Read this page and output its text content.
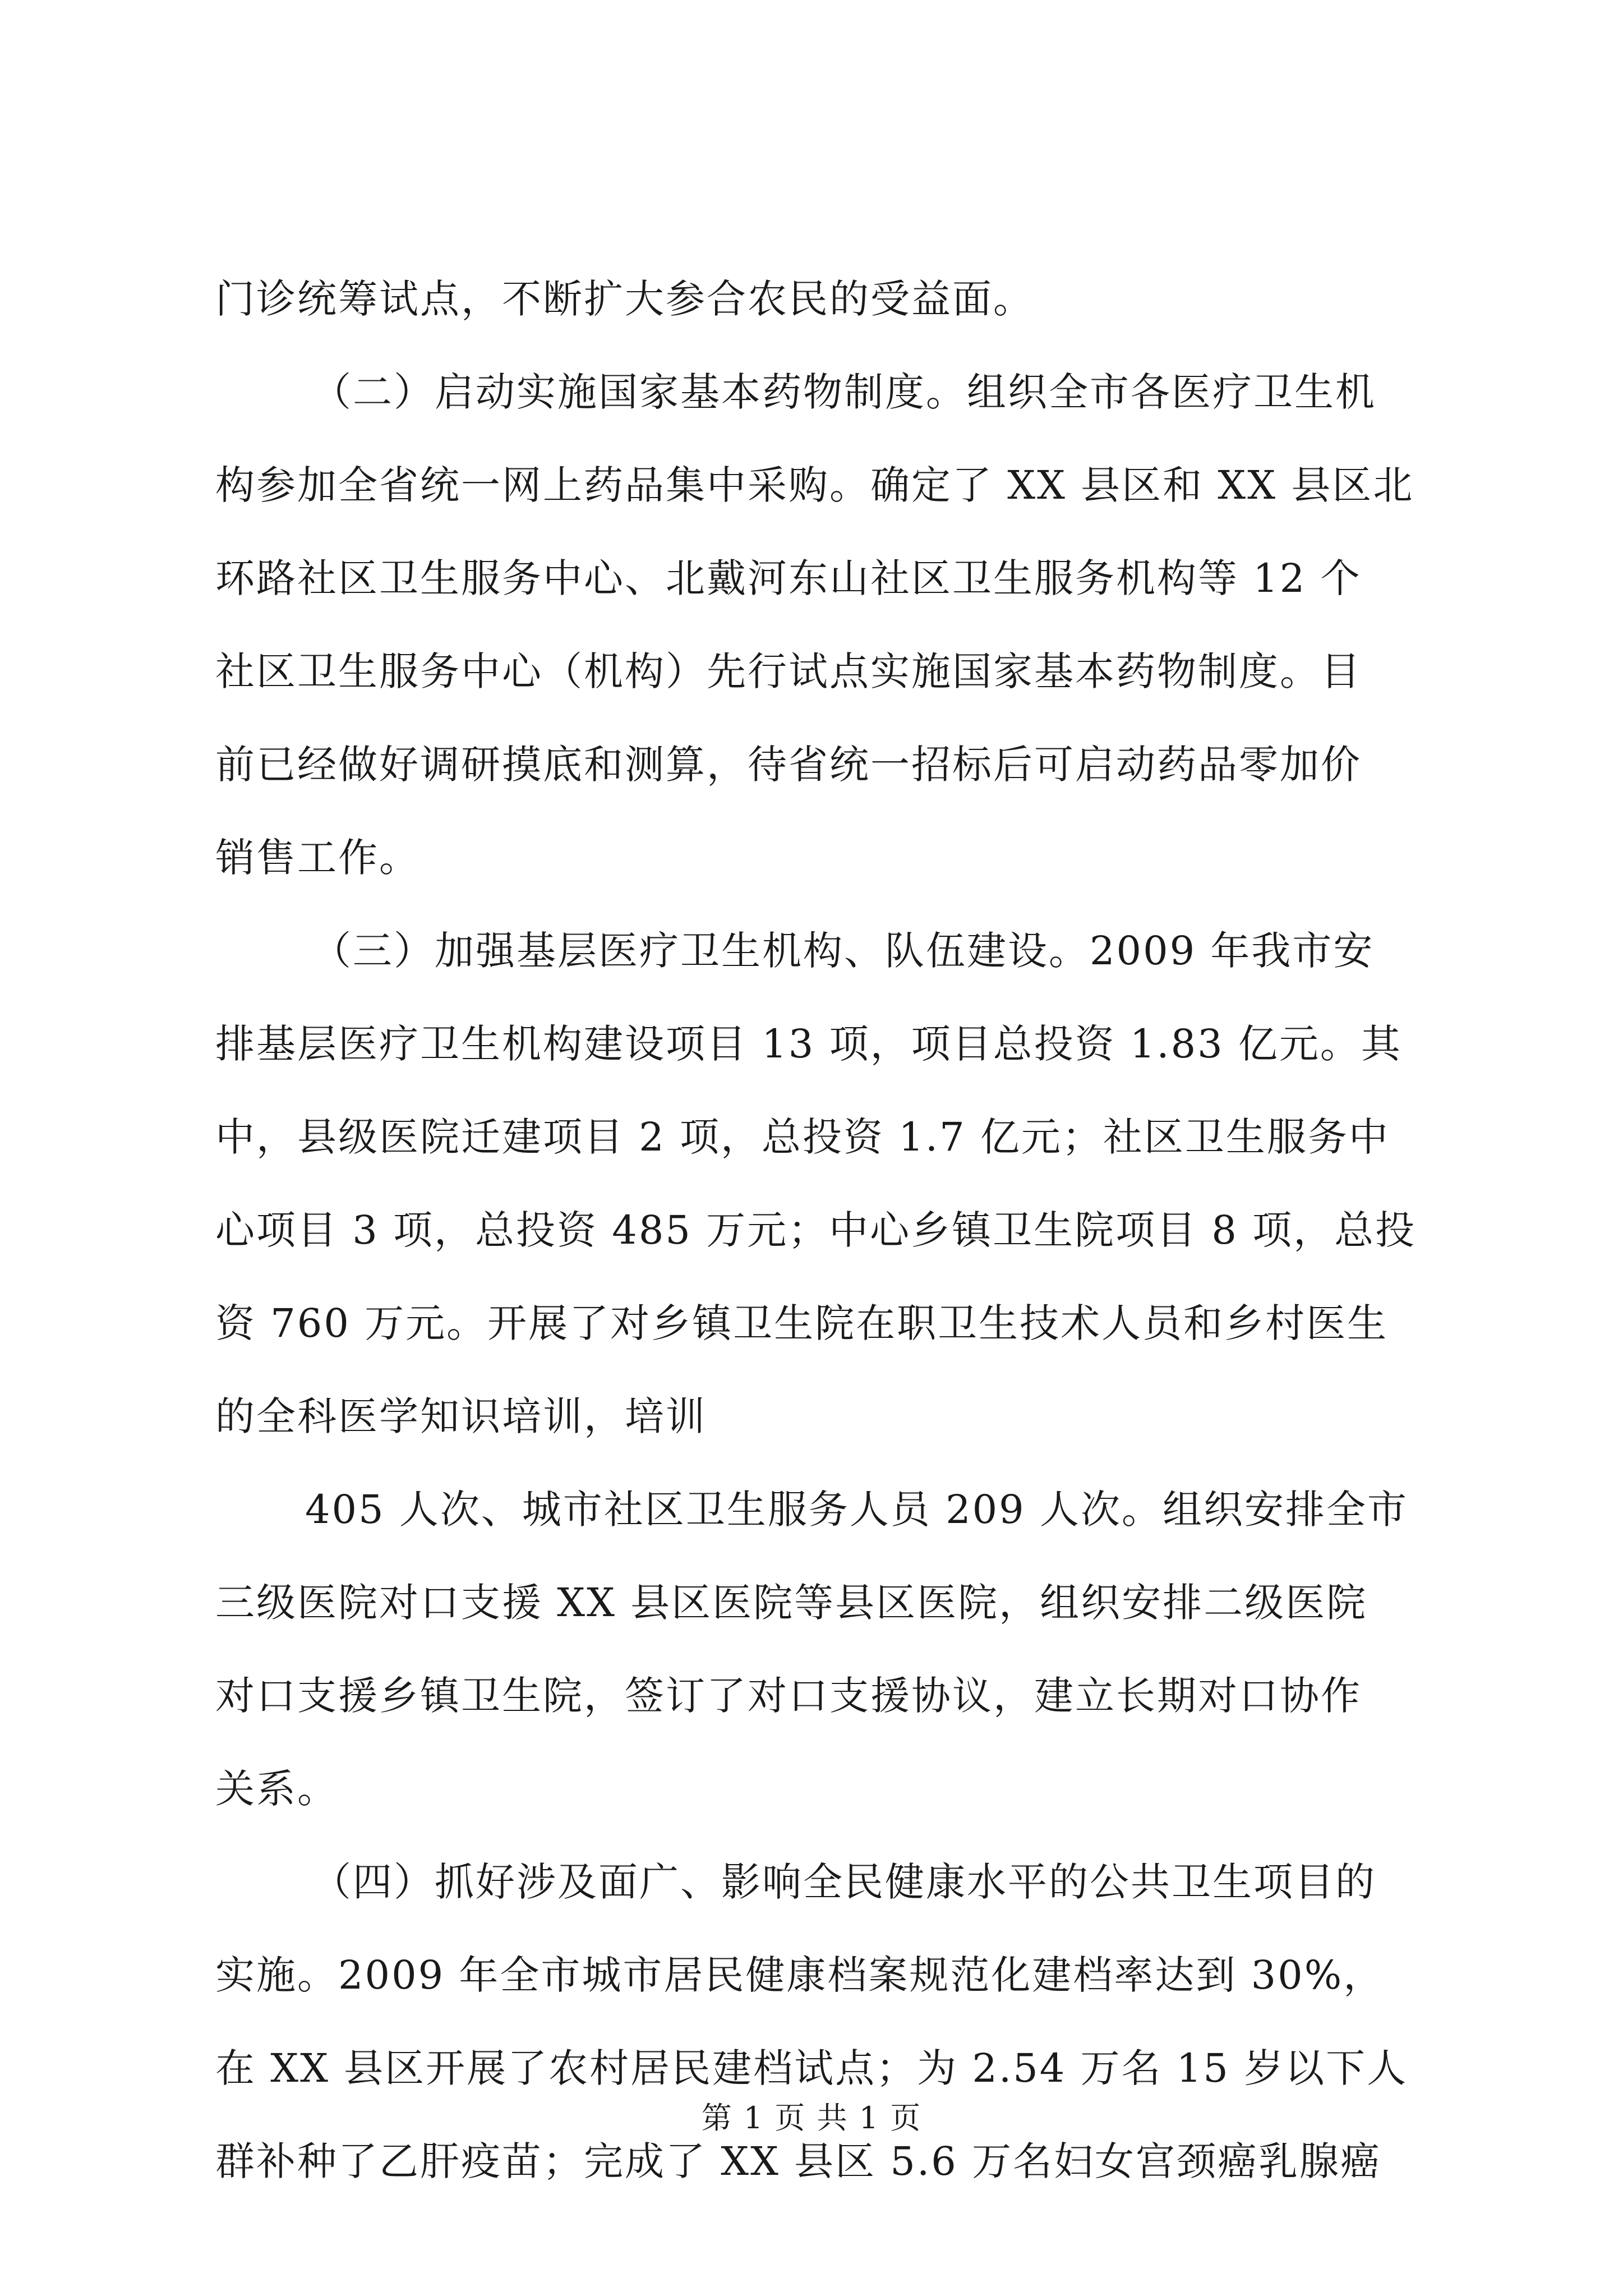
门诊统筹试点，不断扩大参合农民的受益面。
（二）启动实施国家基本药物制度。组织全市各医疗卫生机
构参加全省统一网上药品集中采购。确定了 XX 县区和 XX 县区北
环路社区卫生服务中心、北戴河东山社区卫生服务机构等 12 个
社区卫生服务中心（机构）先行试点实施国家基本药物制度。目
前已经做好调研摸底和测算，待省统一招标后可启动药品零加价
销售工作。
（三）加强基层医疗卫生机构、队伍建设。2009 年我市安
排基层医疗卫生机构建设项目 13 项，项目总投资 1.83 亿元。其
中，县级医院迁建项目 2 项，总投资 1.7 亿元；社区卫生服务中
心项目 3 项，总投资 485 万元；中心乡镇卫生院项目 8 项，总投
资 760 万元。开展了对乡镇卫生院在职卫生技术人员和乡村医生
的全科医学知识培训，培训
405 人次、城市社区卫生服务人员 209 人次。组织安排全市
三级医院对口支援 XX 县区医院等县区医院，组织安排二级医院
对口支援乡镇卫生院，签订了对口支援协议，建立长期对口协作
关系。
（四）抓好涉及面广、影响全民健康水平的公共卫生项目的
实施。2009 年全市城市居民健康档案规范化建档率达到 30%，
在 XX 县区开展了农村居民建档试点；为 2.54 万名 15 岁以下人
群补种了乙肝疫苗；完成了 XX 县区 5.6 万名妇女宫颈癌乳腺癌
第 1 页 共 1 页
